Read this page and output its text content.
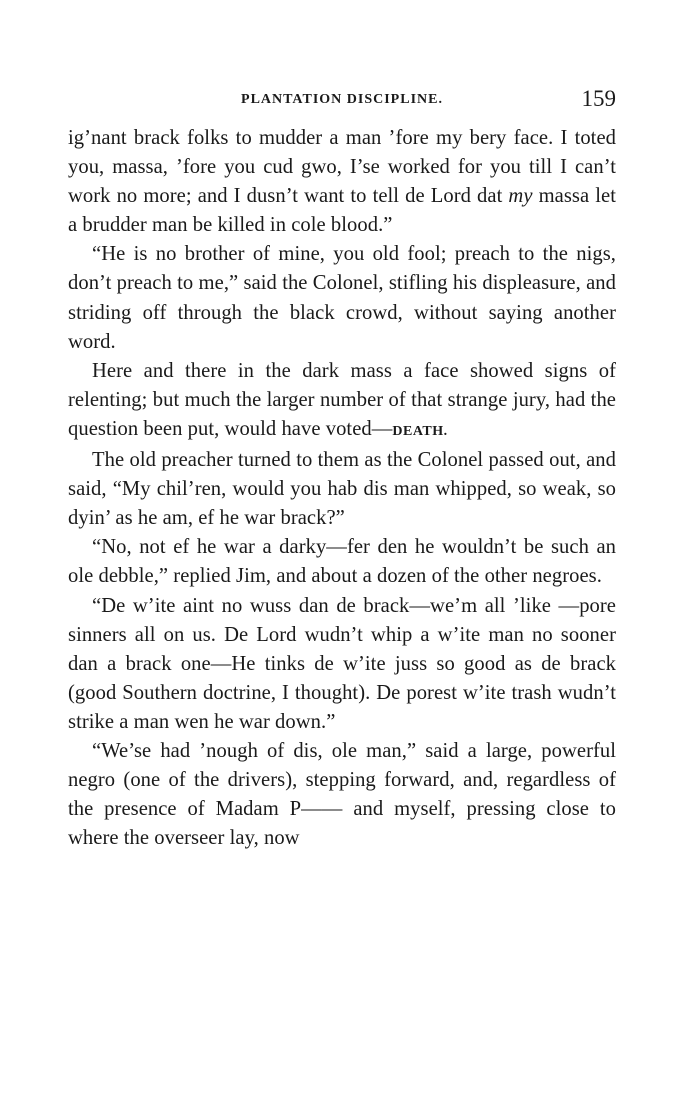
PLANTATION DISCIPLINE.	159

ig’nant brack folks to mudder a man ’fore my bery face. I toted you, massa, ’fore you cud gwo, I’se worked for you till I can’t work no more; and I dusn’t want to tell de Lord dat my massa let a brudder man be killed in cole blood.”

“He is no brother of mine, you old fool; preach to the nigs, don’t preach to me,” said the Colonel, stifling his displeasure, and striding off through the black crowd, without saying another word.

Here and there in the dark mass a face showed signs of relenting; but much the larger number of that strange jury, had the question been put, would have voted—DEATH.

The old preacher turned to them as the Colonel passed out, and said, “My chil’ren, would you hab dis man whipped, so weak, so dyin’ as he am, ef he war brack?”

“No, not ef he war a darky—fer den he wouldn’t be such an ole debble,” replied Jim, and about a dozen of the other negroes.

“De w’ite aint no wuss dan de brack—we’m all ’like —pore sinners all on us. De Lord wudn’t whip a w’ite man no sooner dan a brack one—He tinks de w’ite juss so good as de brack (good Southern doctrine, I thought). De porest w’ite trash wudn’t strike a man wen he war down.”

“We’se had ’nough of dis, ole man,” said a large, powerful negro (one of the drivers), stepping forward, and, regardless of the presence of Madam P—— and myself, pressing close to where the overseer lay, now
